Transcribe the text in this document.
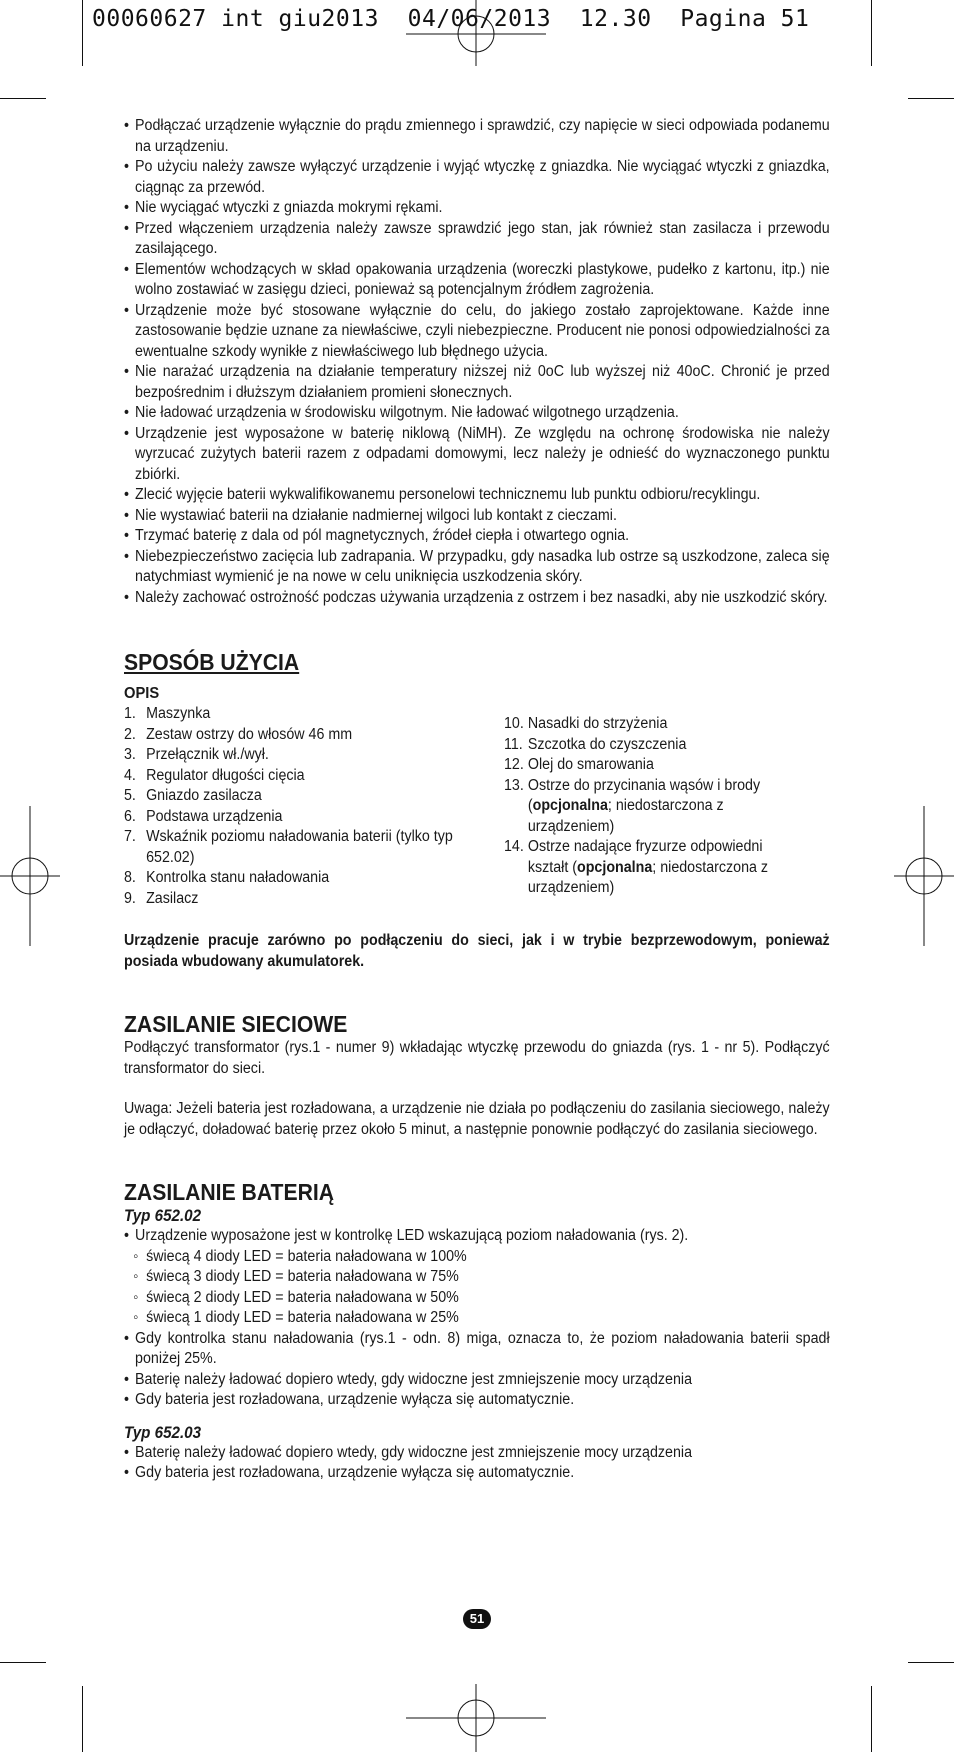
00060627 int giu2013  04/06/2013  12.30  Pagina 51
• Podłączać urządzenie wyłącznie do prądu zmiennego i sprawdzić, czy napięcie w sieci odpowiada podanemu na urządzeniu.
• Po użyciu należy zawsze wyłączyć urządzenie i wyjąć wtyczkę z gniazdka. Nie wyciągać wtyczki z gniazdka, ciągnąc za przewód.
• Nie wyciągać wtyczki z gniazda mokrymi rękami.
• Przed włączeniem urządzenia należy zawsze sprawdzić jego stan, jak również stan zasilacza i przewodu zasilającego.
• Elementów wchodzących w skład opakowania urządzenia (woreczki plastykowe, pudełko z kartonu, itp.) nie wolno zostawiać w zasięgu dzieci, ponieważ są potencjalnym źródłem zagrożenia.
• Urządzenie może być stosowane wyłącznie do celu, do jakiego zostało zaprojektowane. Każde inne zastosowanie będzie uznane za niewłaściwe, czyli niebezpieczne. Producent nie ponosi odpowiedzialności za ewentualne szkody wynikłe z niewłaściwego lub błędnego użycia.
• Nie narażać urządzenia na działanie temperatury niższej niż 0oC lub wyższej niż 40oC. Chronić je przed bezpośrednim i dłuższym działaniem promieni słonecznych.
• Nie ładować urządzenia w środowisku wilgotnym. Nie ładować wilgotnego urządzenia.
• Urządzenie jest wyposażone w baterię niklową (NiMH). Ze względu na ochronę środowiska nie należy wyrzucać zużytych baterii razem z odpadami domowymi, lecz należy je odnieść do wyznaczonego punktu zbiórki.
• Zlecić wyjęcie baterii wykwalifikowanemu personelowi technicznemu lub punktu odbioru/recyklingu.
• Nie wystawiać baterii na działanie nadmiernej wilgoci lub kontakt z cieczami.
• Trzymać baterię z dala od pól magnetycznych, źródeł ciepła i otwartego ognia.
• Niebezpieczeństwo zacięcia lub zadrapania. W przypadku, gdy nasadka lub ostrze są uszkodzone, zaleca się natychmiast wymienić je na nowe w celu uniknięcia uszkodzenia skóry.
• Należy zachować ostrożność podczas używania urządzenia z ostrzem i bez nasadki, aby nie uszkodzić skóry.
SPOSÓB UŻYCIA
OPIS
1. Maszynka
2. Zestaw ostrzy do włosów 46 mm
3. Przełącznik wł./wył.
4. Regulator długości cięcia
5. Gniazdo zasilacza
6. Podstawa urządzenia
7. Wskaźnik poziomu naładowania baterii (tylko typ 652.02)
8. Kontrolka stanu naładowania
9. Zasilacz
10. Nasadki do strzyżenia
11. Szczotka do czyszczenia
12. Olej do smarowania
13. Ostrze do przycinania wąsów i brody (opcjonalna; niedostarczona z urządzeniem)
14. Ostrze nadające fryzurze odpowiedni kształt (opcjonalna; niedostarczona z urządzeniem)

Urządzenie pracuje zarówno po podłączeniu do sieci, jak i w trybie bezprzewodowym, ponieważ posiada wbudowany akumulatorek.

ZASILANIE SIECIOWE

Podłączyć transformator (rys.1 - numer 9) wkładając wtyczkę przewodu do gniazda (rys. 1 - nr 5). Podłączyć transformator do sieci.

Uwaga: Jeżeli bateria jest rozładowana, a urządzenie nie działa po podłączeniu do zasilania sieciowego, należy je odłączyć, doładować baterię przez około 5 minut, a następnie ponownie podłączyć do zasilania sieciowego.

ZASILANIE BATERIĄ
Typ 652.02
• Urządzenie wyposażone jest w kontrolkę LED wskazującą poziom naładowania (rys. 2).
◦ świecą 4 diody LED = bateria naładowana w 100%
◦ świecą 3 diody LED = bateria naładowana w 75%
◦ świecą 2 diody LED = bateria naładowana w 50%
◦ świecą 1 diody LED = bateria naładowana w 25%
• Gdy kontrolka stanu naładowania (rys.1 - odn. 8) miga, oznacza to, że poziom naładowania baterii spadł poniżej 25%.
• Baterię należy ładować dopiero wtedy, gdy widoczne jest zmniejszenie mocy urządzenia
• Gdy bateria jest rozładowana, urządzenie wyłącza się automatycznie.
Typ 652.03
• Baterię należy ładować dopiero wtedy, gdy widoczne jest zmniejszenie mocy urządzenia
• Gdy bateria jest rozładowana, urządzenie wyłącza się automatycznie.
51
